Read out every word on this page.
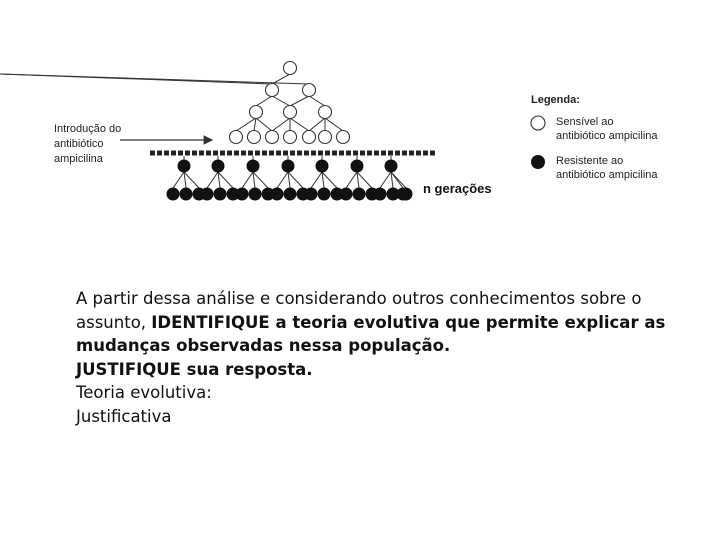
Introdução do
antibiótico
ampicilina
n gerações
Legenda:
Sensível ao
antibiótico ampicilina
Resistente ao
antibiótico ampicilina

A partir dessa análise e considerando outros conhecimentos sobre o assunto, IDENTIFIQUE a teoria evolutiva que permite explicar as mudanças observadas nessa população.

JUSTIFIQUE sua resposta.

Teoria evolutiva:

Justificativa
